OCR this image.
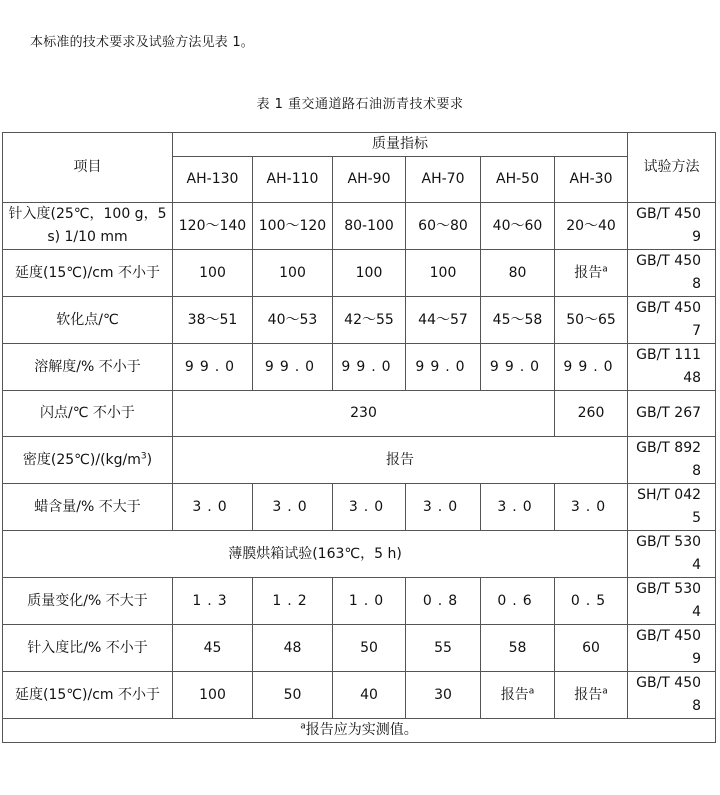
本标准的技术要求及试验方法见表 1。
表 1 重交通道路石油沥青技术要求
项目	质量指标						试验方法
	AH-130	AH-110	AH-90	AH-70	AH-50	AH-30	
针入度(25℃，100 g，5 s) 1/10 mm	120～140	100～120	80-100	60～80	40～60	20～40	GB/T 4509
延度(15℃)/cm 不小于	100	100	100	100	80	报告$^a$	GB/T 4508
软化点/℃	38～51	40～53	42～55	44～57	45～58	50～65	GB/T 4507
溶解度/% 不小于	99.0	99.0	99.0	99.0	99.0	99.0	GB/T 11148
闪点/℃ 不小于	230					260	GB/T 267
密度$(25℃)/(kg/m^3)$	报告						GB/T 8928
蜡含量/% 不大于	3.0	3.0	3.0	3.0	3.0	3.0	SH/T 0425
薄膜烘箱试验(163℃，5 h)							GB/T 5304
质量变化/% 不大于	1.3	1.2	1.0	0.8	0.6	0.5	GB/T 5304
针入度比/% 不小于	45	48	50	55	58	60	GB/T 4509
延度(15℃)/cm 不小于	100	50	40	30	报告$^a$	报告$^a$	GB/T 4508
$^a$报告应为实测值。							
